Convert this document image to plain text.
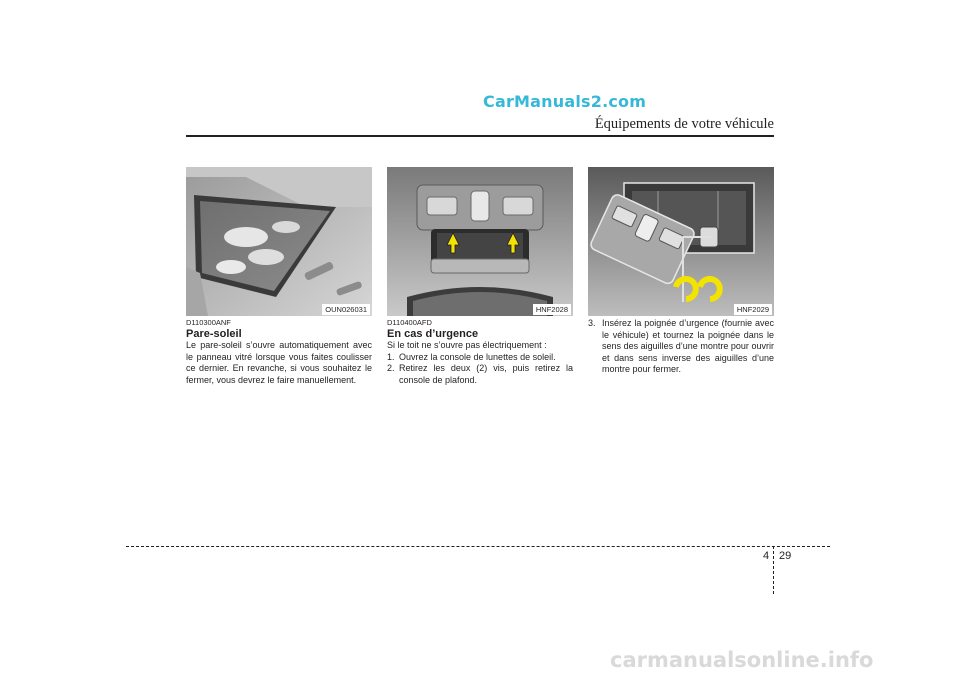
CarManuals2.com
Équipements de votre véhicule
OUN026031	HNF2028	HNF2029
D110300ANF
Pare-soleil
Le pare-soleil s’ouvre automatiquement avec le panneau vitré lorsque vous faites coulisser ce dernier. En revanche, si vous souhaitez le fermer, vous devrez le faire manuellement.
D110400AFD
En cas d’urgence
Si le toit ne s’ouvre pas électriquement :
1. Ouvrez la console de lunettes de soleil.
2. Retirez les deux (2) vis, puis retirez la console de plafond.
3. Insérez la poignée d’urgence (fournie avec le véhicule) et tournez la poignée dans le sens des aiguilles d’une montre pour ouvrir et dans sens inverse des aiguilles d’une montre pour fermer.
4 29
carmanualsonline.info
